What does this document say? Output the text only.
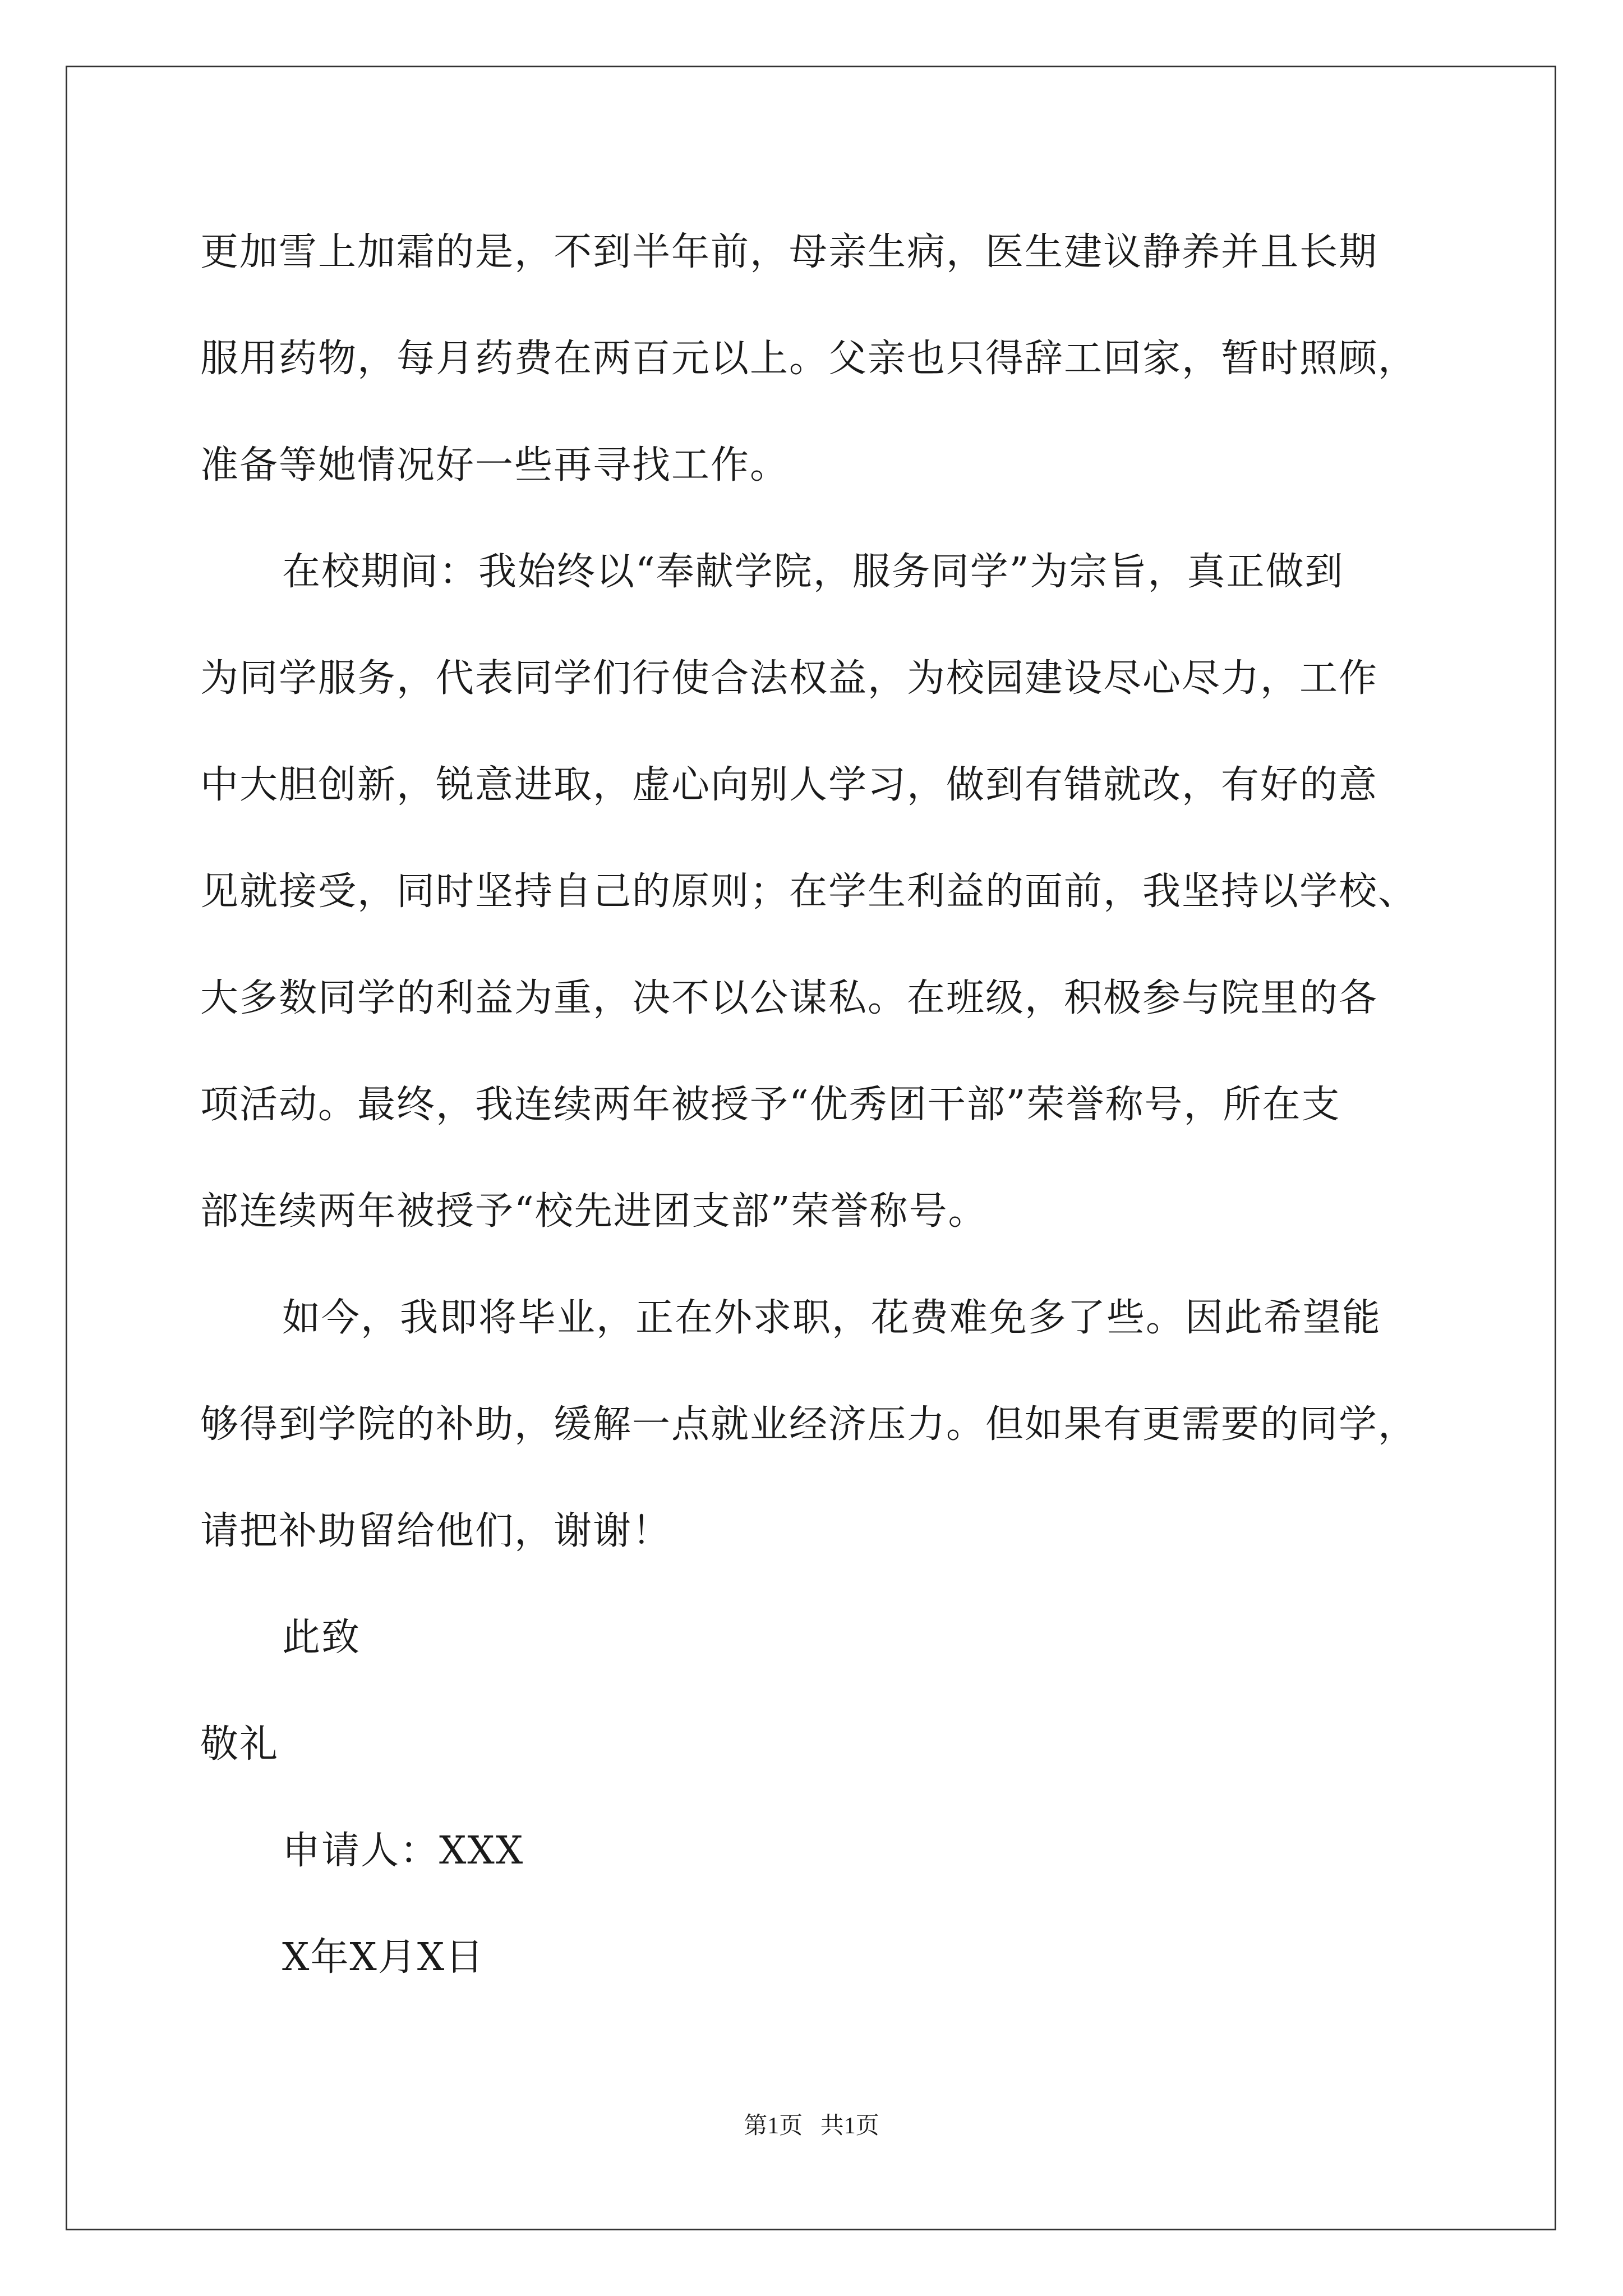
更加雪上加霜的是，不到半年前，母亲生病，医生建议静养并且长期
服用药物，每月药费在两百元以上。父亲也只得辞工回家，暂时照顾，
准备等她情况好一些再寻找工作。
在校期间：我始终以“奉献学院，服务同学”为宗旨，真正做到
为同学服务，代表同学们行使合法权益，为校园建设尽心尽力，工作
中大胆创新，锐意进取，虚心向别人学习，做到有错就改，有好的意
见就接受，同时坚持自己的原则；在学生利益的面前，我坚持以学校、
大多数同学的利益为重，决不以公谋私。在班级，积极参与院里的各
项活动。最终，我连续两年被授予“优秀团干部”荣誉称号，所在支
部连续两年被授予“校先进团支部”荣誉称号。
如今，我即将毕业，正在外求职，花费难免多了些。因此希望能
够得到学院的补助，缓解一点就业经济压力。但如果有更需要的同学，
请把补助留给他们，谢谢！
此致
敬礼
申请人：XXX
X年X月X日
第1页   共1页
